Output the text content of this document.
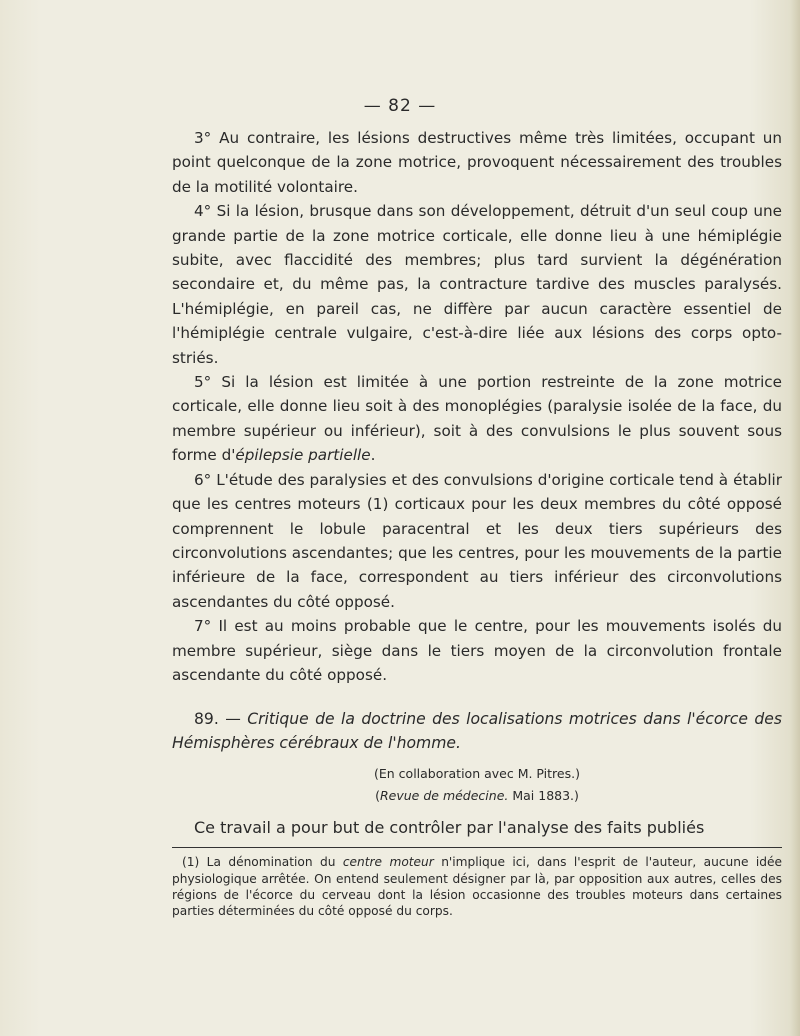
— 82 —

3° Au contraire, les lésions destructives même très limitées, occupant un point quelconque de la zone motrice, provoquent nécessairement des troubles de la motilité volontaire.

4° Si la lésion, brusque dans son développement, détruit d'un seul coup une grande partie de la zone motrice corticale, elle donne lieu à une hémiplégie subite, avec flaccidité des membres; plus tard survient la dégénération secondaire et, du même pas, la contracture tardive des muscles paralysés. L'hémiplégie, en pareil cas, ne diffère par aucun caractère essentiel de l'hémiplégie centrale vulgaire, c'est-à-dire liée aux lésions des corps opto-striés.

5° Si la lésion est limitée à une portion restreinte de la zone motrice corticale, elle donne lieu soit à des monoplégies (paralysie isolée de la face, du membre supérieur ou inférieur), soit à des convulsions le plus souvent sous forme d'épilepsie partielle.

6° L'étude des paralysies et des convulsions d'origine corticale tend à établir que les centres moteurs (1) corticaux pour les deux membres du côté opposé comprennent le lobule paracentral et les deux tiers supérieurs des circonvolutions ascendantes; que les centres, pour les mouvements de la partie inférieure de la face, correspondent au tiers inférieur des circonvolutions ascendantes du côté opposé.

7° Il est au moins probable que le centre, pour les mouvements isolés du membre supérieur, siège dans le tiers moyen de la circonvolution frontale ascendante du côté opposé.

89. — Critique de la doctrine des localisations motrices dans l'écorce des Hémisphères cérébraux de l'homme.

(En collaboration avec M. Pitres.)

(Revue de médecine. Mai 1883.)

Ce travail a pour but de contrôler par l'analyse des faits publiés

(1) La dénomination du centre moteur n'implique ici, dans l'esprit de l'auteur, aucune idée physiologique arrêtée. On entend seulement désigner par là, par opposition aux autres, celles des régions de l'écorce du cerveau dont la lésion occasionne des troubles moteurs dans certaines parties déterminées du côté opposé du corps.
